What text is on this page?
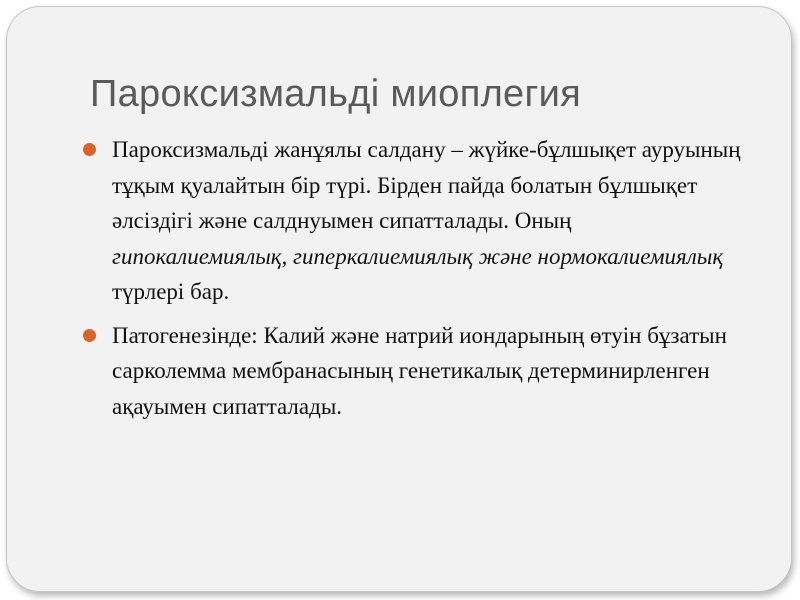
Пароксизмальді миоплегия
Пароксизмальді жанұялы салдану – жүйке-бұлшықет ауруының тұқым қуалайтын бір түрі. Бірден пайда болатын бұлшықет әлсіздігі және салднуымен сипатталады. Оның гипокалиемиялық, гиперкалиемиялық және нормокалиемиялық түрлері бар.
Патогенезінде: Калий және натрий иондарының өтуін бұзатын сарколемма мембранасының генетикалық детерминирленген ақауымен сипатталады.
